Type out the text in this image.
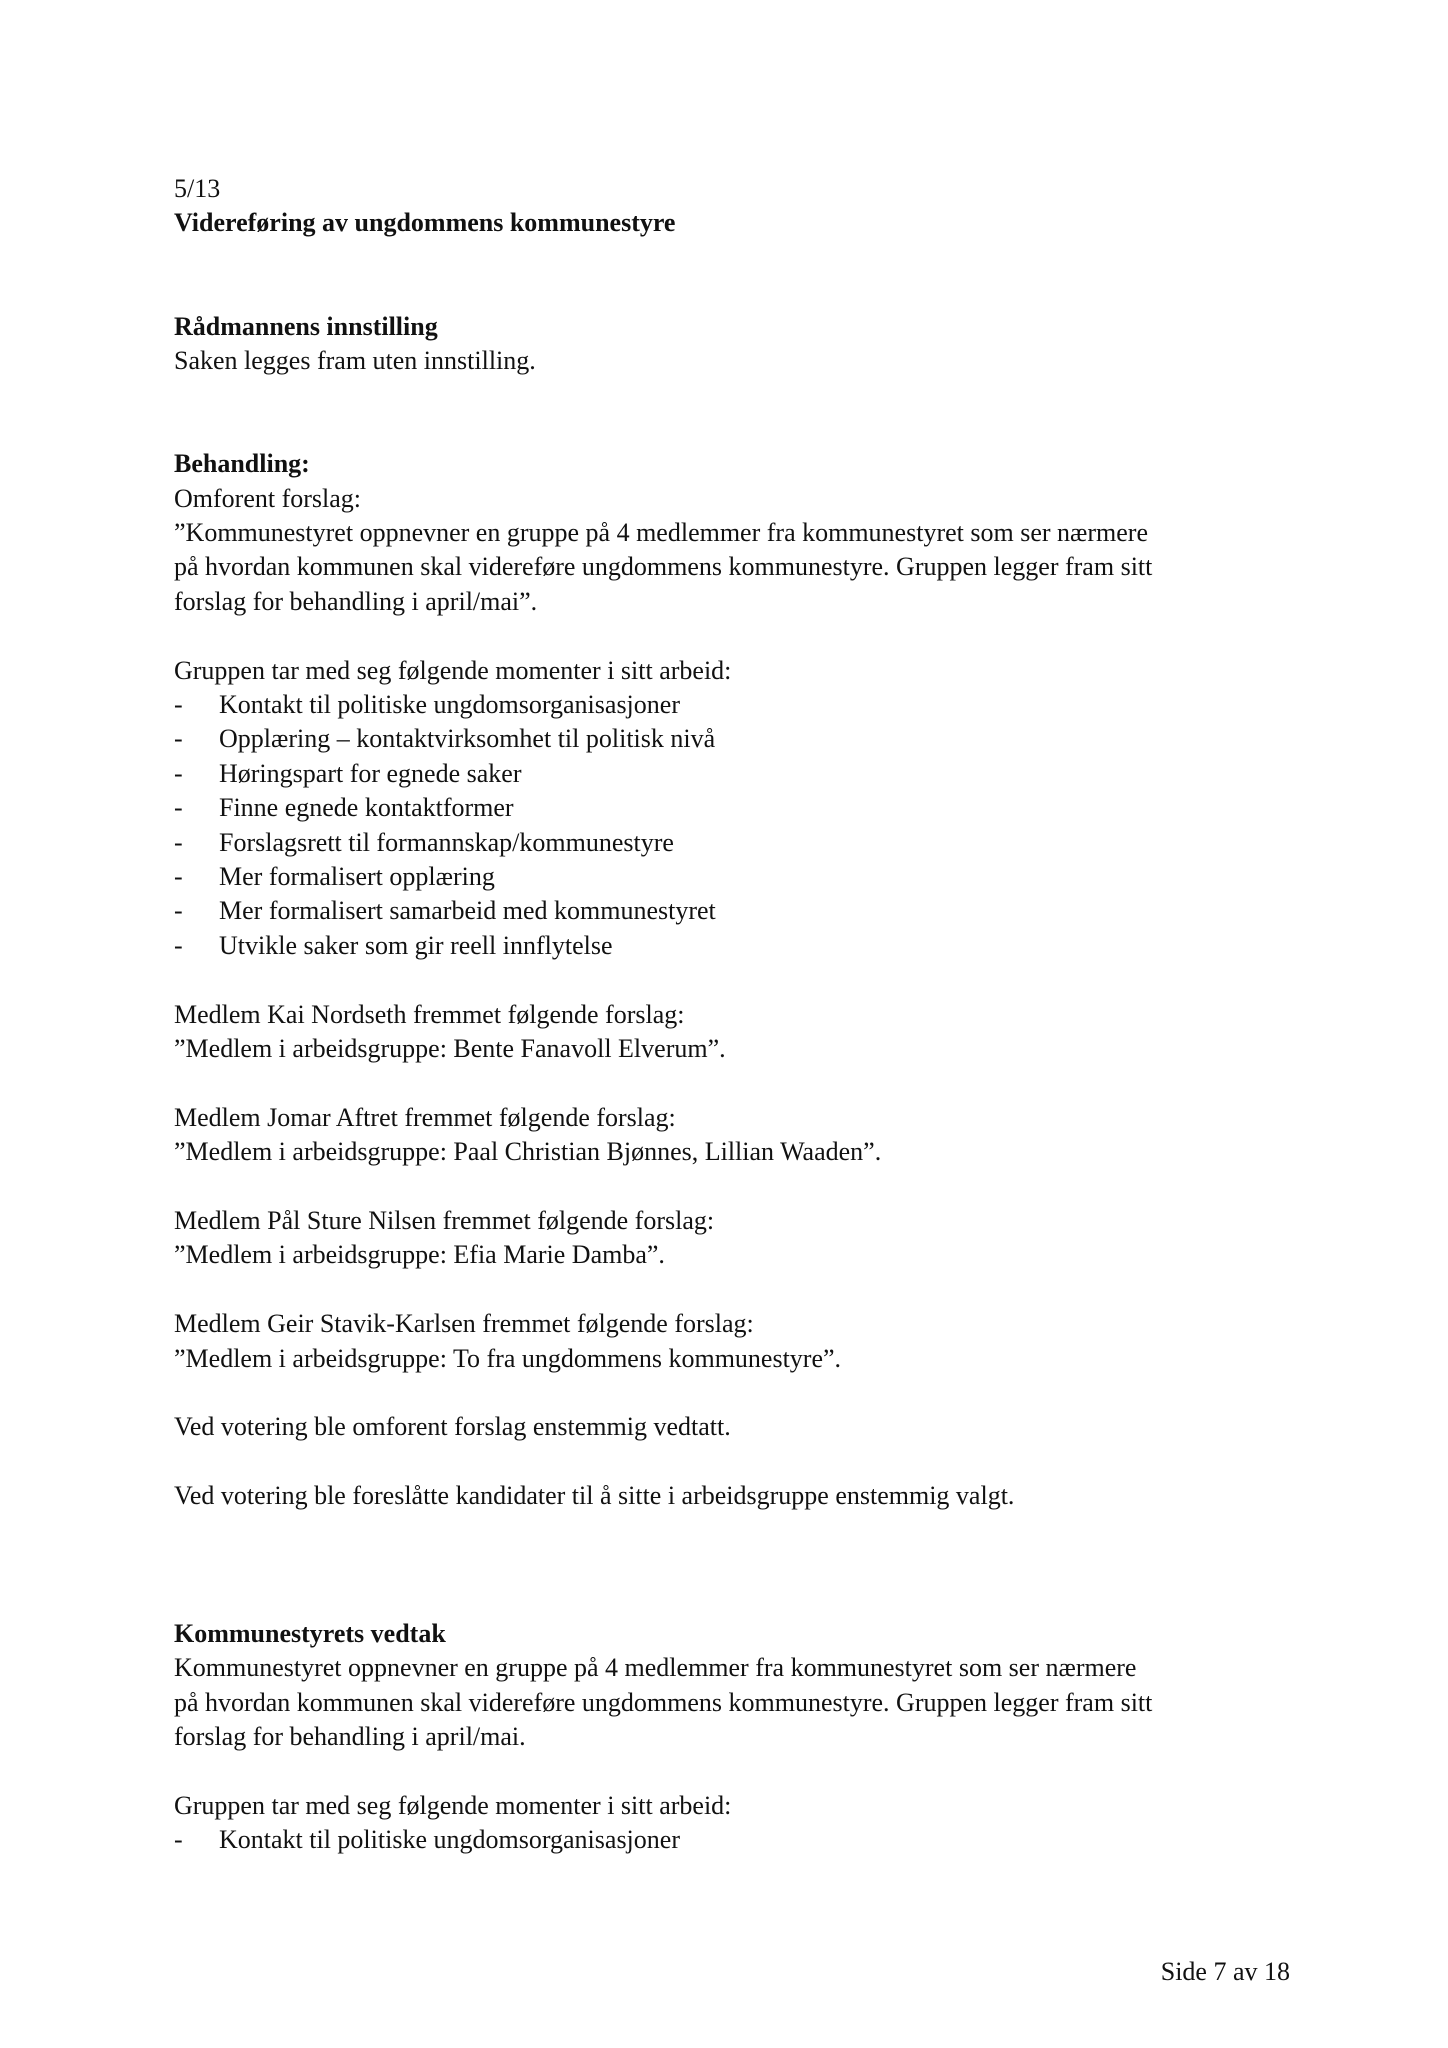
5/13
Videreføring av ungdommens kommunestyre
Rådmannens innstilling
Saken legges fram uten innstilling.
Behandling:
Omforent forslag:
”Kommunestyret oppnevner en gruppe på 4 medlemmer fra kommunestyret som ser nærmere
på hvordan kommunen skal videreføre ungdommens kommunestyre. Gruppen legger fram sitt
forslag for behandling i april/mai”.
Gruppen tar med seg følgende momenter i sitt arbeid:
-	Kontakt til politiske ungdomsorganisasjoner
-	Opplæring – kontaktvirksomhet til politisk nivå
-	Høringspart for egnede saker
-	Finne egnede kontaktformer
-	Forslagsrett til formannskap/kommunestyre
-	Mer formalisert opplæring
-	Mer formalisert samarbeid med kommunestyret
-	Utvikle saker som gir reell innflytelse
Medlem Kai Nordseth fremmet følgende forslag:
”Medlem i arbeidsgruppe: Bente Fanavoll Elverum”.
Medlem Jomar Aftret fremmet følgende forslag:
”Medlem i arbeidsgruppe: Paal Christian Bjønnes, Lillian Waaden”.
Medlem Pål Sture Nilsen fremmet følgende forslag:
”Medlem i arbeidsgruppe: Efia Marie Damba”.
Medlem Geir Stavik-Karlsen fremmet følgende forslag:
”Medlem i arbeidsgruppe: To fra ungdommens kommunestyre”.
Ved votering ble omforent forslag enstemmig vedtatt.
Ved votering ble foreslåtte kandidater til å sitte i arbeidsgruppe enstemmig valgt.
Kommunestyrets vedtak
Kommunestyret oppnevner en gruppe på 4 medlemmer fra kommunestyret som ser nærmere
på hvordan kommunen skal videreføre ungdommens kommunestyre. Gruppen legger fram sitt
forslag for behandling i april/mai.
Gruppen tar med seg følgende momenter i sitt arbeid:
-	Kontakt til politiske ungdomsorganisasjoner
Side 7 av 18
